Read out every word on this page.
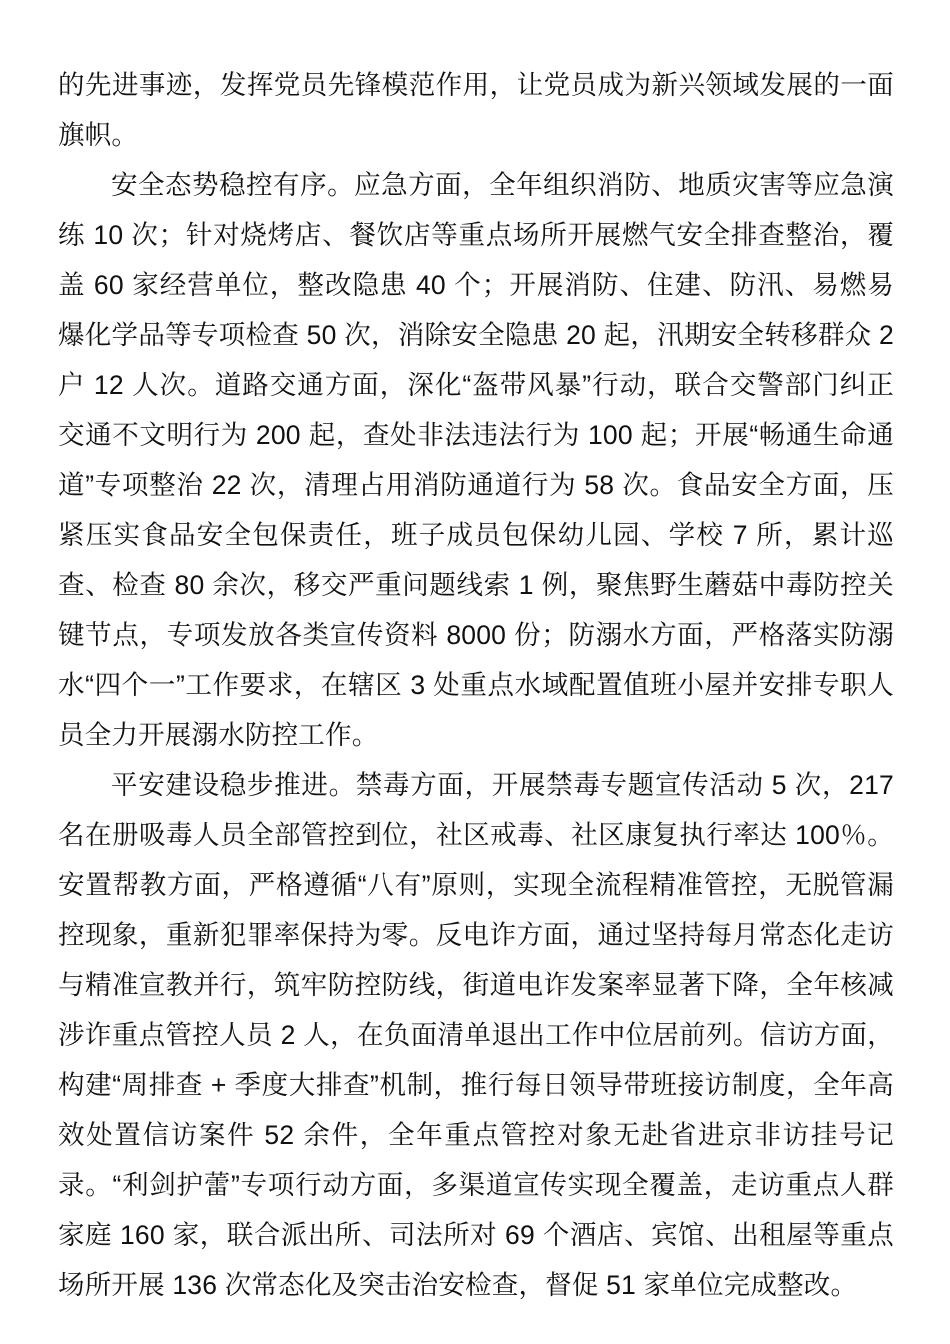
的先进事迹，发挥党员先锋模范作用，让党员成为新兴领域发展的一面旗帜。

安全态势稳控有序。应急方面，全年组织消防、地质灾害等应急演练 10 次；针对烧烤店、餐饮店等重点场所开展燃气安全排查整治，覆盖 60 家经营单位，整改隐患 40 个；开展消防、住建、防汛、易燃易爆化学品等专项检查 50 次，消除安全隐患 20 起，汛期安全转移群众 2 户 12 人次。道路交通方面，深化“盔带风暴”行动，联合交警部门纠正交通不文明行为 200 起，查处非法违法行为 100 起；开展“畅通生命通道”专项整治 22 次，清理占用消防通道行为 58 次。食品安全方面，压紧压实食品安全包保责任，班子成员包保幼儿园、学校 7 所，累计巡查、检查 80 余次，移交严重问题线索 1 例，聚焦野生蘑菇中毒防控关键节点，专项发放各类宣传资料 8000 份；防溺水方面，严格落实防溺水“四个一”工作要求，在辖区 3 处重点水域配置值班小屋并安排专职人员全力开展溺水防控工作。

平安建设稳步推进。禁毒方面，开展禁毒专题宣传活动 5 次，217 名在册吸毒人员全部管控到位，社区戒毒、社区康复执行率达 100％。安置帮教方面，严格遵循“八有”原则，实现全流程精准管控，无脱管漏控现象，重新犯罪率保持为零。反电诈方面，通过坚持每月常态化走访与精准宣教并行，筑牢防控防线，街道电诈发案率显著下降，全年核减涉诈重点管控人员 2 人，在负面清单退出工作中位居前列。信访方面，构建“周排查 + 季度大排查”机制，推行每日领导带班接访制度，全年高效处置信访案件 52 余件，全年重点管控对象无赴省进京非访挂号记录。“利剑护蕾”专项行动方面，多渠道宣传实现全覆盖，走访重点人群家庭 160 家，联合派出所、司法所对 69 个酒店、宾馆、出租屋等重点场所开展 136 次常态化及突击治安检查，督促 51 家单位完成整改。
